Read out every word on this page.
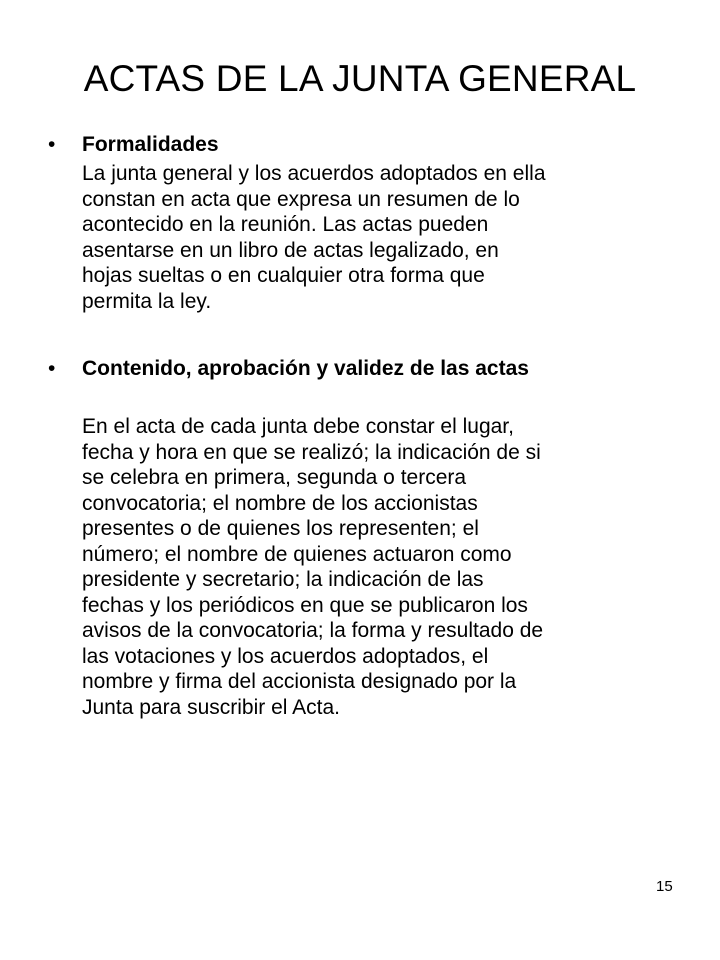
ACTAS DE LA JUNTA GENERAL
•	Formalidades

La junta general y los acuerdos adoptados en ella
constan en acta que expresa un resumen de lo
acontecido en la reunión. Las actas pueden
asentarse en un libro de actas legalizado, en
hojas sueltas o en cualquier otra forma que
permita la ley.

•	Contenido, aprobación y validez de las actas

En el acta de cada junta debe constar el lugar,
fecha y hora en que se realizó; la indicación de si
se celebra en primera, segunda o tercera
convocatoria; el nombre de los accionistas
presentes o de quienes los representen; el
número; el nombre de quienes actuaron como
presidente y secretario; la indicación de las
fechas y los periódicos en que se publicaron los
avisos de la convocatoria; la forma y resultado de
las votaciones y los acuerdos adoptados, el
nombre y firma del accionista designado por la
Junta para suscribir el Acta.

15
